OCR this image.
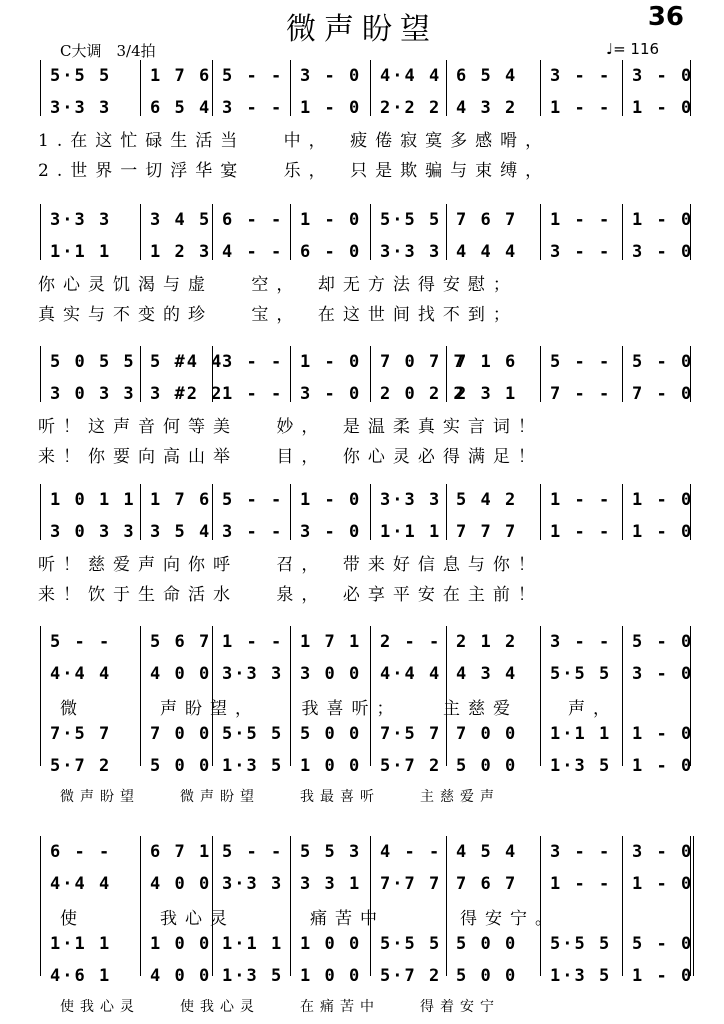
微声盼望	36
C大调　3/4拍	♩= 116
5·5 5 1 7 6 5 - - 3 - 0 4·4 4 6 5 4 3 - - 3 - 0
3·3 3 6 5 4 3 - - 1 - 0 2·2 2 4 3 2 1 - - 1 - 0
1.在这忙碌生活当　 中，　疲倦寂寞多感嗗，
2.世界一切浮华宴　 乐，　只是欺骗与束缚，
3·3 3 3 4 5 6 - - 1 - 0 5·5 5 7 6 7 1 - - 1 - 0
1·1 1 1 2 3 4 - - 6 - 0 3·3 3 4 4 4 3 - - 3 - 0
你心灵饥渴与虚　 空，　却无方法得安慰；
真实与不变的珍　 宝，　在这世间找不到；
5 0 5 5 5 #4 4
3 - - 1 - 0 7 0 7 7
7 1 6 5 - - 5 - 0
3 0 3 3 3 #2 2
1 - - 3 - 0 2 0 2 2
2 3 1 7 - - 7 - 0
听！这声音何等美　 妙，　是温柔真实言词！
来！你要向高山举　 目，　你心灵必得满足！
1 0 1 1 1 7 6 5 - - 1 - 0 3·3 3 5 4 2 1 - - 1 - 0
3 0 3 3 3 5 4 3 - - 3 - 0 1·1 1 7 7 7 1 - - 1 - 0
听！慈爱声向你呼　 召，　带来好信息与你！
来！饮于生命活水　 泉，　必享平安在主前！
5 - - 5 6 7 1 - - 1 7 1 2 - - 2 1 2 3 - - 5 - 0
4·4 4 4 0 0 3·3 3 3 0 0 4·4 4 4 3 4 5·5 5 3 - 0
7·5 7 7 0 0 5·5 5 5 0 0 7·5 7 7 0 0 1·1 1 1 - 0
5·7 2 5 0 0 1·3 5 1 0 0 5·7 2 5 0 0 1·3 5 1 - 0
微　　　声盼望，　　我喜听；　　主慈爱　　声，
微声盼望　　微声盼望　　我最喜听　　主慈爱声
6 - - 6 7 1 5 - - 5 5 3 4 - - 4 5 4 3 - - 3 - 0
4·4 4 4 0 0 3·3 3 3 3 1 7·7 7 7 6 7 1 - - 1 - 0
1·1 1 1 0 0 1·1 1 1 0 0 5·5 5 5 0 0 5·5 5 5 - 0
4·6 1 4 0 0 1·3 5 1 0 0 5·7 2 5 0 0 1·3 5 1 - 0
使　　　我心灵　　　痛苦中　　　得安宁。
使我心灵　　使我心灵　　在痛苦中　　得着安宁
